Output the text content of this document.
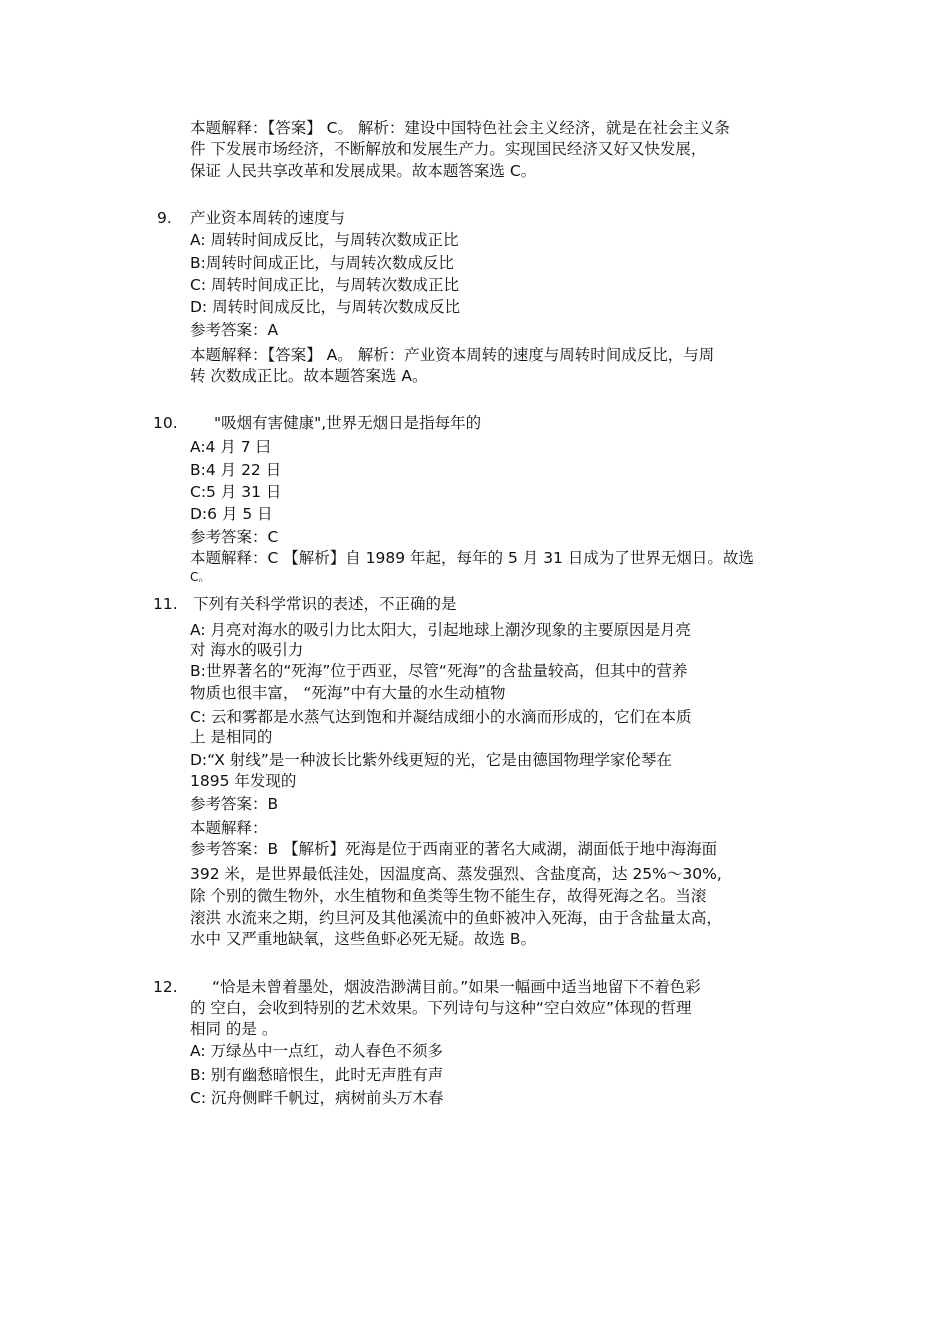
本题解释：【答案】 C。 解析：建设中国特色社会主义经济，就是在社会主义条
件 下发展市场经济，不断解放和发展生产力。实现国民经济又好又快发展，
保证 人民共享改革和发展成果。故本题答案选 C。
9. 产业资本周转的速度与
A: 周转时间成反比，与周转次数成正比
B:周转时间成正比，与周转次数成反比
C: 周转时间成正比，与周转次数成正比
D: 周转时间成反比，与周转次数成反比
参考答案：A
本题解释：【答案】 A。 解析：产业资本周转的速度与周转时间成反比，与周
转 次数成正比。故本题答案选 A。
10. "吸烟有害健康",世界无烟日是指每年的
A:4 月 7 曰
B:4 月 22 日
C:5 月 31 日
D:6 月 5 日
参考答案：C
本题解释：C 【解析】自 1989 年起，每年的 5 月 31 日成为了世界无烟日。故选
C。
11. 下列有关科学常识的表述，不正确的是
A: 月亮对海水的吸引力比太阳大，引起地球上潮汐现象的主要原因是月亮
对 海水的吸引力
B:世界著名的“死海”位于西亚，尽管“死海”的含盐量较高，但其中的营养
物质也很丰富， “死海”中有大量的水生动植物
C: 云和雾都是水蒸气达到饱和并凝结成细小的水滴而形成的，它们在本质
上 是相同的
D:“X 射线”是一种波长比紫外线更短的光，它是由德国物理学家伦琴在
1895 年发现的
参考答案：B
本题解释：
参考答案：B 【解析】死海是位于西南亚的著名大咸湖，湖面低于地中海海面
392 米，是世界最低洼处，因温度高、蒸发强烈、含盐度高，达 25%～30%,
除 个别的微生物外，水生植物和鱼类等生物不能生存，故得死海之名。当滚
滚洪 水流来之期，约旦河及其他溪流中的鱼虾被冲入死海，由于含盐量太高，
水中 又严重地缺氧，这些鱼虾必死无疑。故选 B。
12. “恰是未曾着墨处，烟波浩渺满目前。”如果一幅画中适当地留下不着色彩
的 空白，会收到特别的艺术效果。下列诗句与这种“空白效应”体现的哲理
相同 的是 。
A: 万绿丛中一点红，动人春色不须多
B: 别有幽愁暗恨生，此时无声胜有声
C: 沉舟侧畔千帆过，病树前头万木春
